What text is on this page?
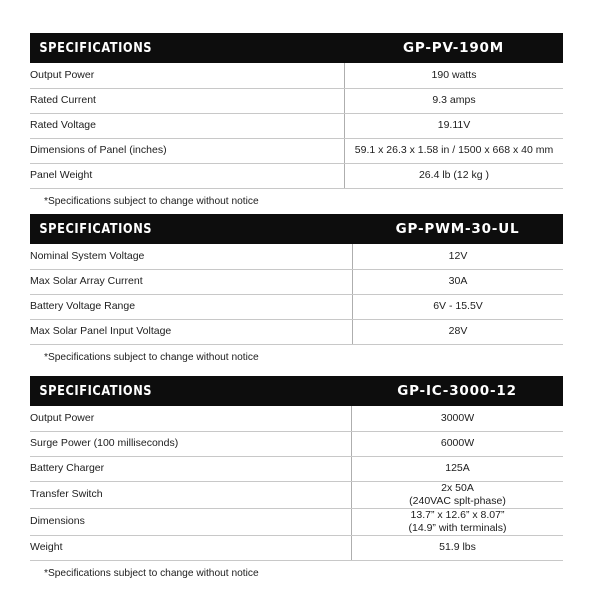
SPECIFICATIONS	GP-PV-190M
Output Power	190 watts
Rated Current	9.3 amps
Rated Voltage	19.11V
Dimensions of Panel (inches)	59.1 x 26.3 x 1.58 in / 1500 x 668 x 40 mm
Panel Weight	26.4 lb (12 kg )
*Specifications subject to change without notice
SPECIFICATIONS	GP-PWM-30-UL
Nominal System Voltage	12V
Max Solar Array Current	30A
Battery Voltage Range	6V - 15.5V
Max Solar Panel Input Voltage	28V
*Specifications subject to change without notice
SPECIFICATIONS	GP-IC-3000-12
Output Power	3000W
Surge Power (100 milliseconds)	6000W
Battery Charger	125A
Transfer Switch	2x 50A
(240VAC splt-phase)

Dimensions	13.7” x 12.6” x 8.07”
(14.9” with terminals)

Weight	51.9 lbs
*Specifications subject to change without notice
